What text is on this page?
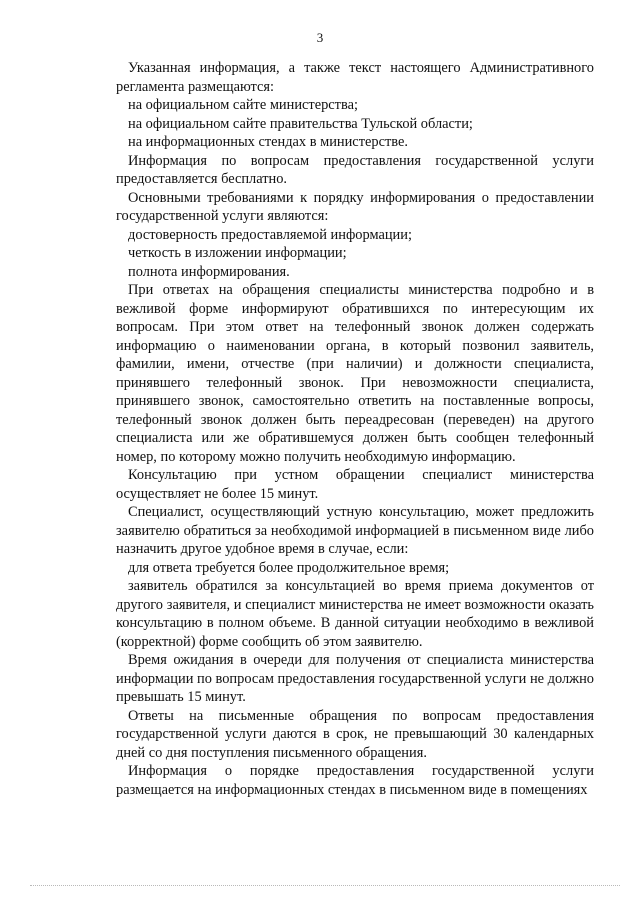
3

Указанная информация, а также текст настоящего Административного регламента размещаются:

на официальном сайте министерства;

на официальном сайте правительства Тульской области;

на информационных стендах в министерстве.

Информация по вопросам предоставления государственной услуги предоставляется бесплатно.

Основными требованиями к порядку информирования о предоставлении государственной услуги являются:

достоверность предоставляемой информации;

четкость в изложении информации;

полнота информирования.

При ответах на обращения специалисты министерства подробно и в вежливой форме информируют обратившихся по интересующим их вопросам. При этом ответ на телефонный звонок должен содержать информацию о наименовании органа, в который позвонил заявитель, фамилии, имени, отчестве (при наличии) и должности специалиста, принявшего телефонный звонок. При невозможности специалиста, принявшего звонок, самостоятельно ответить на поставленные вопросы, телефонный звонок должен быть переадресован (переведен) на другого специалиста или же обратившемуся должен быть сообщен телефонный номер, по которому можно получить необходимую информацию.

Консультацию при устном обращении специалист министерства осуществляет не более 15 минут.

Специалист, осуществляющий устную консультацию, может предложить заявителю обратиться за необходимой информацией в письменном виде либо назначить другое удобное время в случае, если:

для ответа требуется более продолжительное время;

заявитель обратился за консультацией во время приема документов от другого заявителя, и специалист министерства не имеет возможности оказать консультацию в полном объеме. В данной ситуации необходимо в вежливой (корректной) форме сообщить об этом заявителю.

Время ожидания в очереди для получения от специалиста министерства информации по вопросам предоставления государственной услуги не должно превышать 15 минут.

Ответы на письменные обращения по вопросам предоставления государственной услуги даются в срок, не превышающий 30 календарных дней со дня поступления письменного обращения.

Информация о порядке предоставления государственной услуги размещается на информационных стендах в письменном виде в помещениях
